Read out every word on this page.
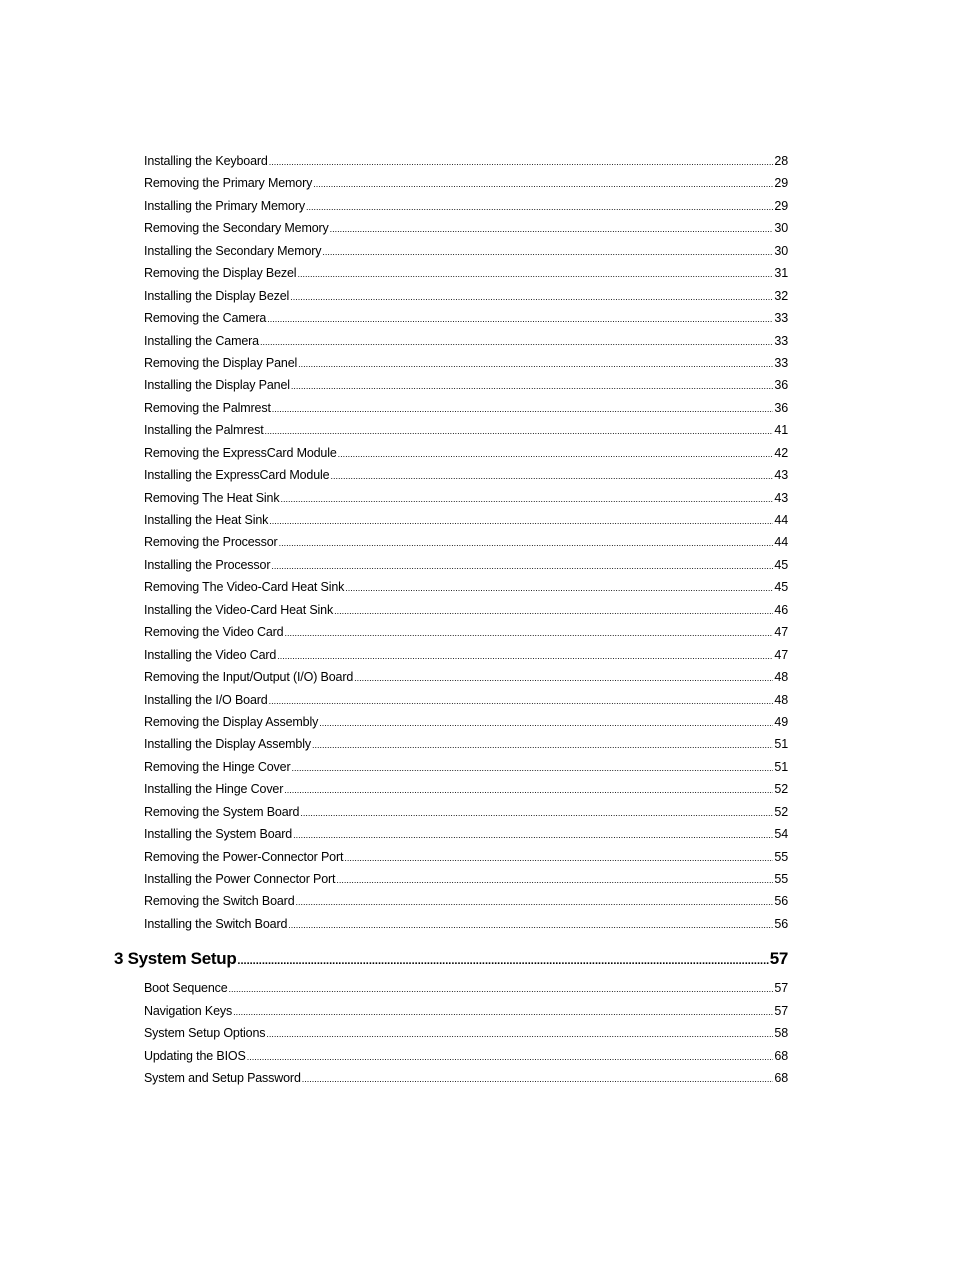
Installing the Keyboard .....	28
Removing the Primary Memory .....	29
Installing the Primary Memory .....	29
Removing the Secondary Memory .....	30
Installing the Secondary Memory .....	30
Removing the Display Bezel .....	31
Installing the Display Bezel .....	32
Removing the Camera .....	33
Installing the Camera .....	33
Removing the Display Panel .....	33
Installing the Display Panel .....	36
Removing the Palmrest .....	36
Installing the Palmrest .....	41
Removing the ExpressCard Module .....	42
Installing the ExpressCard Module .....	43
Removing The Heat Sink .....	43
Installing the Heat Sink .....	44
Removing the Processor .....	44
Installing the Processor .....	45
Removing The Video-Card Heat Sink .....	45
Installing the Video-Card Heat Sink .....	46
Removing the Video Card .....	47
Installing the Video Card .....	47
Removing the Input/Output (I/O) Board .....	48
Installing the I/O Board .....	48
Removing the Display Assembly .....	49
Installing the Display Assembly .....	51
Removing the Hinge Cover .....	51
Installing the Hinge Cover .....	52
Removing the System Board .....	52
Installing the System Board .....	54
Removing the Power-Connector Port .....	55
Installing the Power Connector Port .....	55
Removing the Switch Board .....	56
Installing the Switch Board .....	56
3 System Setup .....	57
Boot Sequence .....	57
Navigation Keys .....	57
System Setup Options .....	58
Updating the BIOS .....	68
System and Setup Password .....	68
